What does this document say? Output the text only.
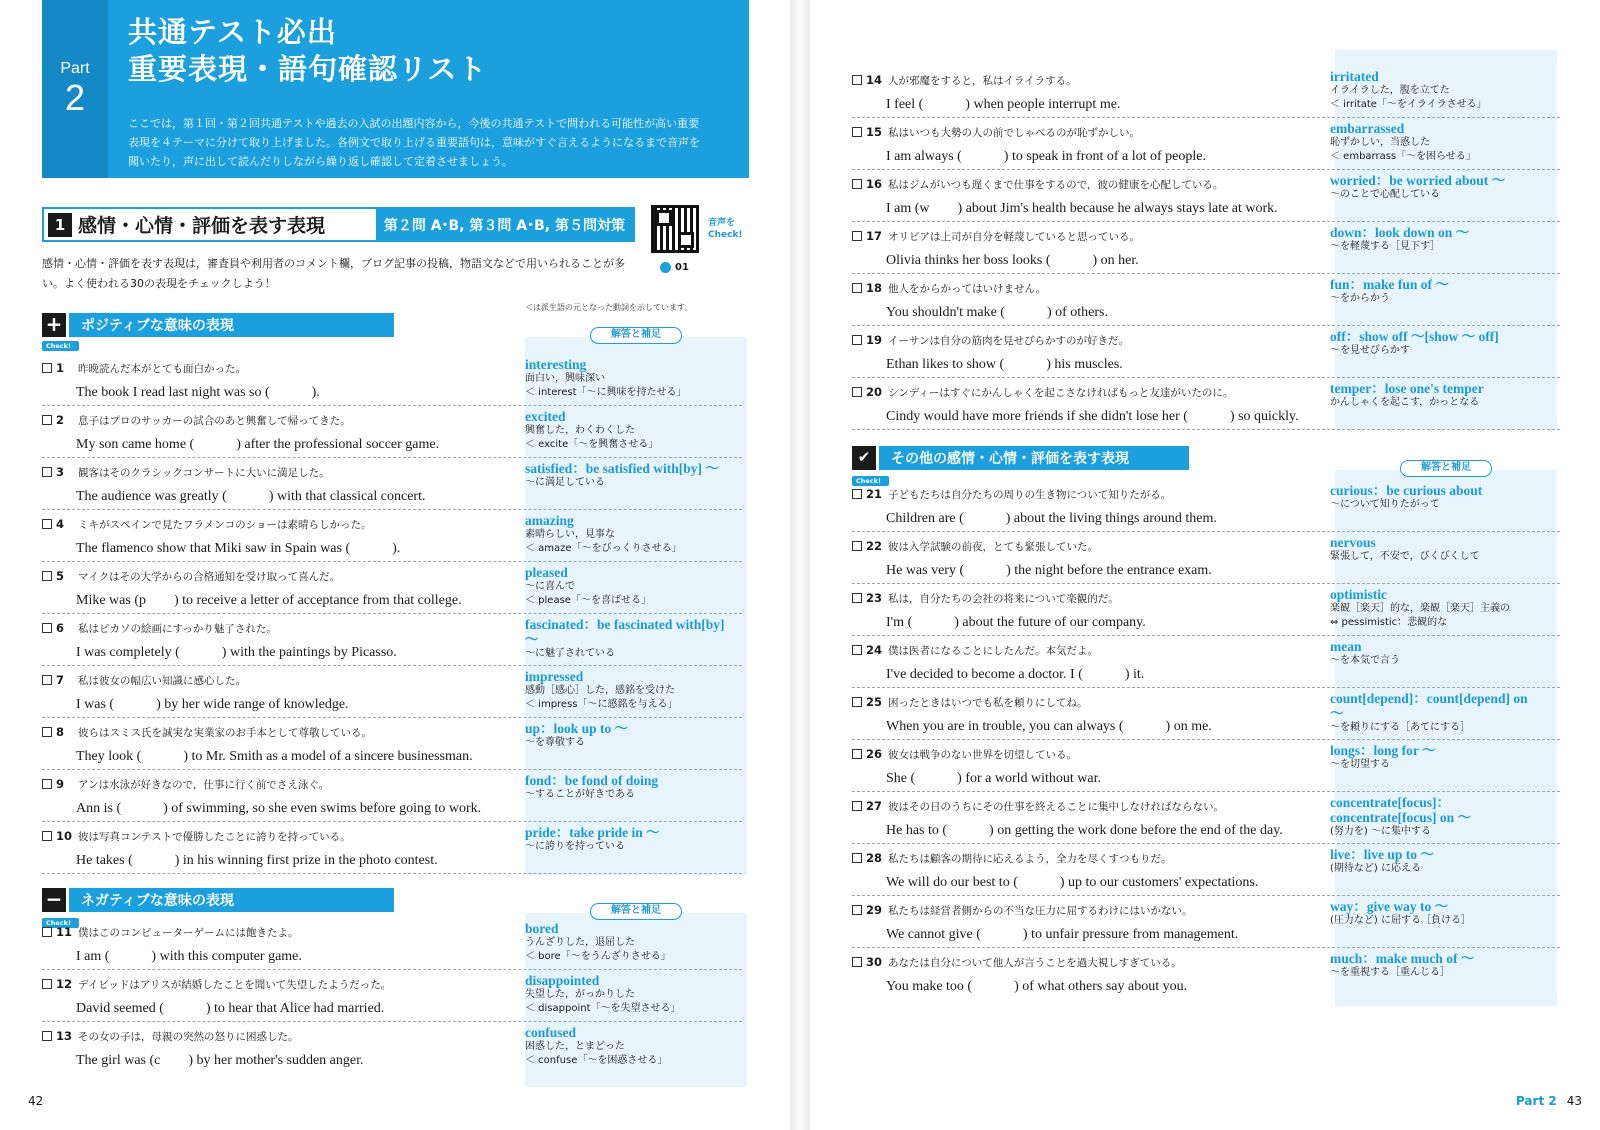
Part
2
共通テスト必出
重要表現・語句確認リスト
ここでは，第１回・第２回共通テストや過去の入試の出題内容から，今後の共通テストで問われる可能性が高い重要表現を４テーマに分けて取り上げました。各例文で取り上げる重要語句は，意味がすぐ言えるようになるまで音声を聞いたり，声に出して読んだりしながら繰り返し確認して定着させましょう。
1 感情・心情・評価を表す表現	第２問 A･B, 第３問 A･B, 第５問対策	音声をCheck!
01
感情・心情・評価を表す表現は，審査員や利用者のコメント欄，ブログ記事の投稿，物語文などで用いられることが多い。よく使われる30の表現をチェックしよう！
＜は派生語の元となった動詞を示しています。
+	ポジティブな意味の表現
解答と補足
Check!
−	ネガティブな意味の表現
解答と補足
Check!
42
✔	その他の感情・心情・評価を表す表現
解答と補足
Check!
Part 2 43
1 昨晩読んだ本がとても面白かった。
The book I read last night was so (　　　).
interesting
面白い，興味深い
＜ interest「～に興味を持たせる」
2 息子はプロのサッカーの試合のあと興奮して帰ってきた。
My son came home (　　　) after the professional soccer game.
excited
興奮した，わくわくした
＜ excite「～を興奮させる」
3 観客はそのクラシックコンサートに大いに満足した。
The audience was greatly (　　　) with that classical concert.
satisfied：be satisfied with[by] ～
～に満足している
4 ミキがスペインで見たフラメンコのショーは素晴らしかった。
The flamenco show that Miki saw in Spain was (　　　).
amazing
素晴らしい，見事な
＜ amaze「～をびっくりさせる」
5 マイクはその大学からの合格通知を受け取って喜んだ。
Mike was (p　　) to receive a letter of acceptance from that college.
pleased
～に喜んで
＜ please「～を喜ばせる」
6 私はピカソの絵画にすっかり魅了された。
I was completely (　　　) with the paintings by Picasso.
fascinated：be fascinated with[by] ～
～に魅了されている
7 私は彼女の幅広い知識に感心した。
I was (　　　) by her wide range of knowledge.
impressed
感動［感心］した，感銘を受けた
＜ impress「～に感銘を与える」
8 彼らはスミス氏を誠実な実業家のお手本として尊敬している。
They look (　　　) to Mr. Smith as a model of a sincere businessman.
up：look up to ～
～を尊敬する
9 アンは水泳が好きなので，仕事に行く前でさえ泳ぐ。
Ann is (　　　) of swimming, so she even swims before going to work.
fond：be fond of doing
～することが好きである
10 彼は写真コンテストで優勝したことに誇りを持っている。
He takes (　　　) in his winning first prize in the photo contest.
pride：take pride in ～
～に誇りを持っている
11 僕はこのコンピューターゲームには飽きたよ。
I am (　　　) with this computer game.
bored
うんざりした，退屈した
＜ bore「～をうんざりさせる」
12 デイビッドはアリスが結婚したことを聞いて失望したようだった。
David seemed (　　　) to hear that Alice had married.
disappointed
失望した，がっかりした
＜ disappoint「～を失望させる」
13 その女の子は，母親の突然の怒りに困惑した。
The girl was (c　　) by her mother's sudden anger.
confused
困惑した，とまどった
＜ confuse「～を困惑させる」
14 人が邪魔をすると，私はイライラする。
I feel (　　　) when people interrupt me.
irritated
イライラした，腹を立てた
＜ irritate「～をイライラさせる」
15 私はいつも大勢の人の前でしゃべるのが恥ずかしい。
I am always (　　　) to speak in front of a lot of people.
embarrassed
恥ずかしい，当惑した
＜ embarrass「～を困らせる」
16 私はジムがいつも遅くまで仕事をするので，彼の健康を心配している。
I am (w　　) about Jim's health because he always stays late at work.
worried：be worried about ～
～のことで心配している
17 オリビアは上司が自分を軽蔑していると思っている。
Olivia thinks her boss looks (　　　) on her.
down：look down on ～
～を軽蔑する［見下す］
18 他人をからかってはいけません。
You shouldn't make (　　　) of others.
fun：make fun of ～
～をからかう
19 イーサンは自分の筋肉を見せびらかすのが好きだ。
Ethan likes to show (　　　) his muscles.
off：show off ～[show ～ off]
～を見せびらかす
20 シンディーはすぐにかんしゃくを起こさなければもっと友達がいたのに。
Cindy would have more friends if she didn't lose her (　　　) so quickly.
temper：lose one's temper
かんしゃくを起こす，かっとなる
21 子どもたちは自分たちの周りの生き物について知りたがる。
Children are (　　　) about the living things around them.
curious：be curious about
～について知りたがって
22 彼は入学試験の前夜，とても緊張していた。
He was very (　　　) the night before the entrance exam.
nervous
緊張して，不安で，びくびくして
23 私は，自分たちの会社の将来について楽観的だ。
I'm (　　　) about the future of our company.
optimistic
楽観［楽天］的な，楽観［楽天］主義の
⇔ pessimistic：悲観的な
24 僕は医者になることにしたんだ。本気だよ。
I've decided to become a doctor. I (　　　) it.
mean
～を本気で言う
25 困ったときはいつでも私を頼りにしてね。
When you are in trouble, you can always (　　　) on me.
count[depend]：count[depend] on ～
～を頼りにする［あてにする］
26 彼女は戦争のない世界を切望している。
She (　　　) for a world without war.
longs：long for ～
～を切望する
27 彼はその日のうちにその仕事を終えることに集中しなければならない。
He has to (　　　) on getting the work done before the end of the day.
concentrate[focus]：concentrate[focus] on ～
(努力を) ～に集中する
28 私たちは顧客の期待に応えるよう，全力を尽くすつもりだ。
We will do our best to (　　　) up to our customers' expectations.
live：live up to ～
(期待など) に応える
29 私たちは経営者側からの不当な圧力に屈するわけにはいかない。
We cannot give (　　　) to unfair pressure from management.
way：give way to ～
(圧力など) に屈する［負ける］
30 あなたは自分について他人が言うことを過大視しすぎている。
You make too (　　　) of what others say about you.
much：make much of ～
～を重視する［重んじる］
